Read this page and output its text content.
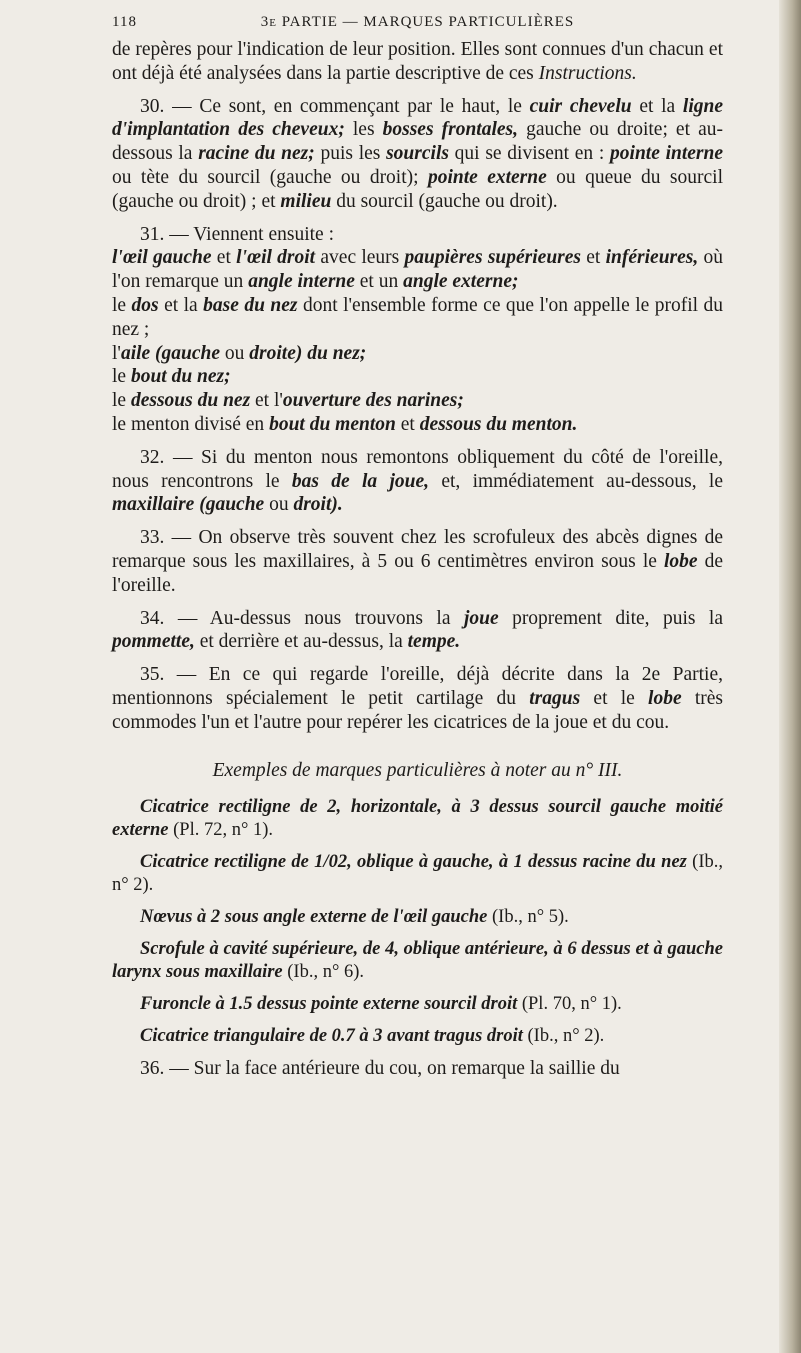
118	3e PARTIE — MARQUES PARTICULIÈRES

de repères pour l'indication de leur position. Elles sont connues d'un chacun et ont déjà été analysées dans la partie descriptive de ces Instructions.

30. — Ce sont, en commençant par le haut, le cuir chevelu et la ligne d'implantation des cheveux; les bosses frontales, gauche ou droite; et au-dessous la racine du nez; puis les sourcils qui se divisent en : pointe interne ou tète du sourcil (gauche ou droit); pointe externe ou queue du sourcil (gauche ou droit) ; et milieu du sourcil (gauche ou droit).

31. — Viennent ensuite :

l'œil gauche et l'œil droit avec leurs paupières supérieures et inférieures, où l'on remarque un angle interne et un angle externe;

le dos et la base du nez dont l'ensemble forme ce que l'on appelle le profil du nez ;

l'aile (gauche ou droite) du nez;

le bout du nez;

le dessous du nez et l'ouverture des narines;

le menton divisé en bout du menton et dessous du menton.

32. — Si du menton nous remontons obliquement du côté de l'oreille, nous rencontrons le bas de la joue, et, immédiatement au-dessous, le maxillaire (gauche ou droit).

33. — On observe très souvent chez les scrofuleux des abcès dignes de remarque sous les maxillaires, à 5 ou 6 centimètres environ sous le lobe de l'oreille.

34. — Au-dessus nous trouvons la joue proprement dite, puis la pommette, et derrière et au-dessus, la tempe.

35. — En ce qui regarde l'oreille, déjà décrite dans la 2e Partie, mentionnons spécialement le petit cartilage du tragus et le lobe très commodes l'un et l'autre pour repérer les cicatrices de la joue et du cou.

Exemples de marques particulières à noter au n° III.

Cicatrice rectiligne de 2, horizontale, à 3 dessus sourcil gauche moitié externe (Pl. 72, n° 1).

Cicatrice rectiligne de 1/02, oblique à gauche, à 1 dessus racine du nez (Ib., n° 2).

Nœvus à 2 sous angle externe de l'œil gauche (Ib., n° 5).

Scrofule à cavité supérieure, de 4, oblique antérieure, à 6 dessus et à gauche larynx sous maxillaire (Ib., n° 6).

Furoncle à 1.5 dessus pointe externe sourcil droit (Pl. 70, n° 1).

Cicatrice triangulaire de 0.7 à 3 avant tragus droit (Ib., n° 2).

36. — Sur la face antérieure du cou, on remarque la saillie du
